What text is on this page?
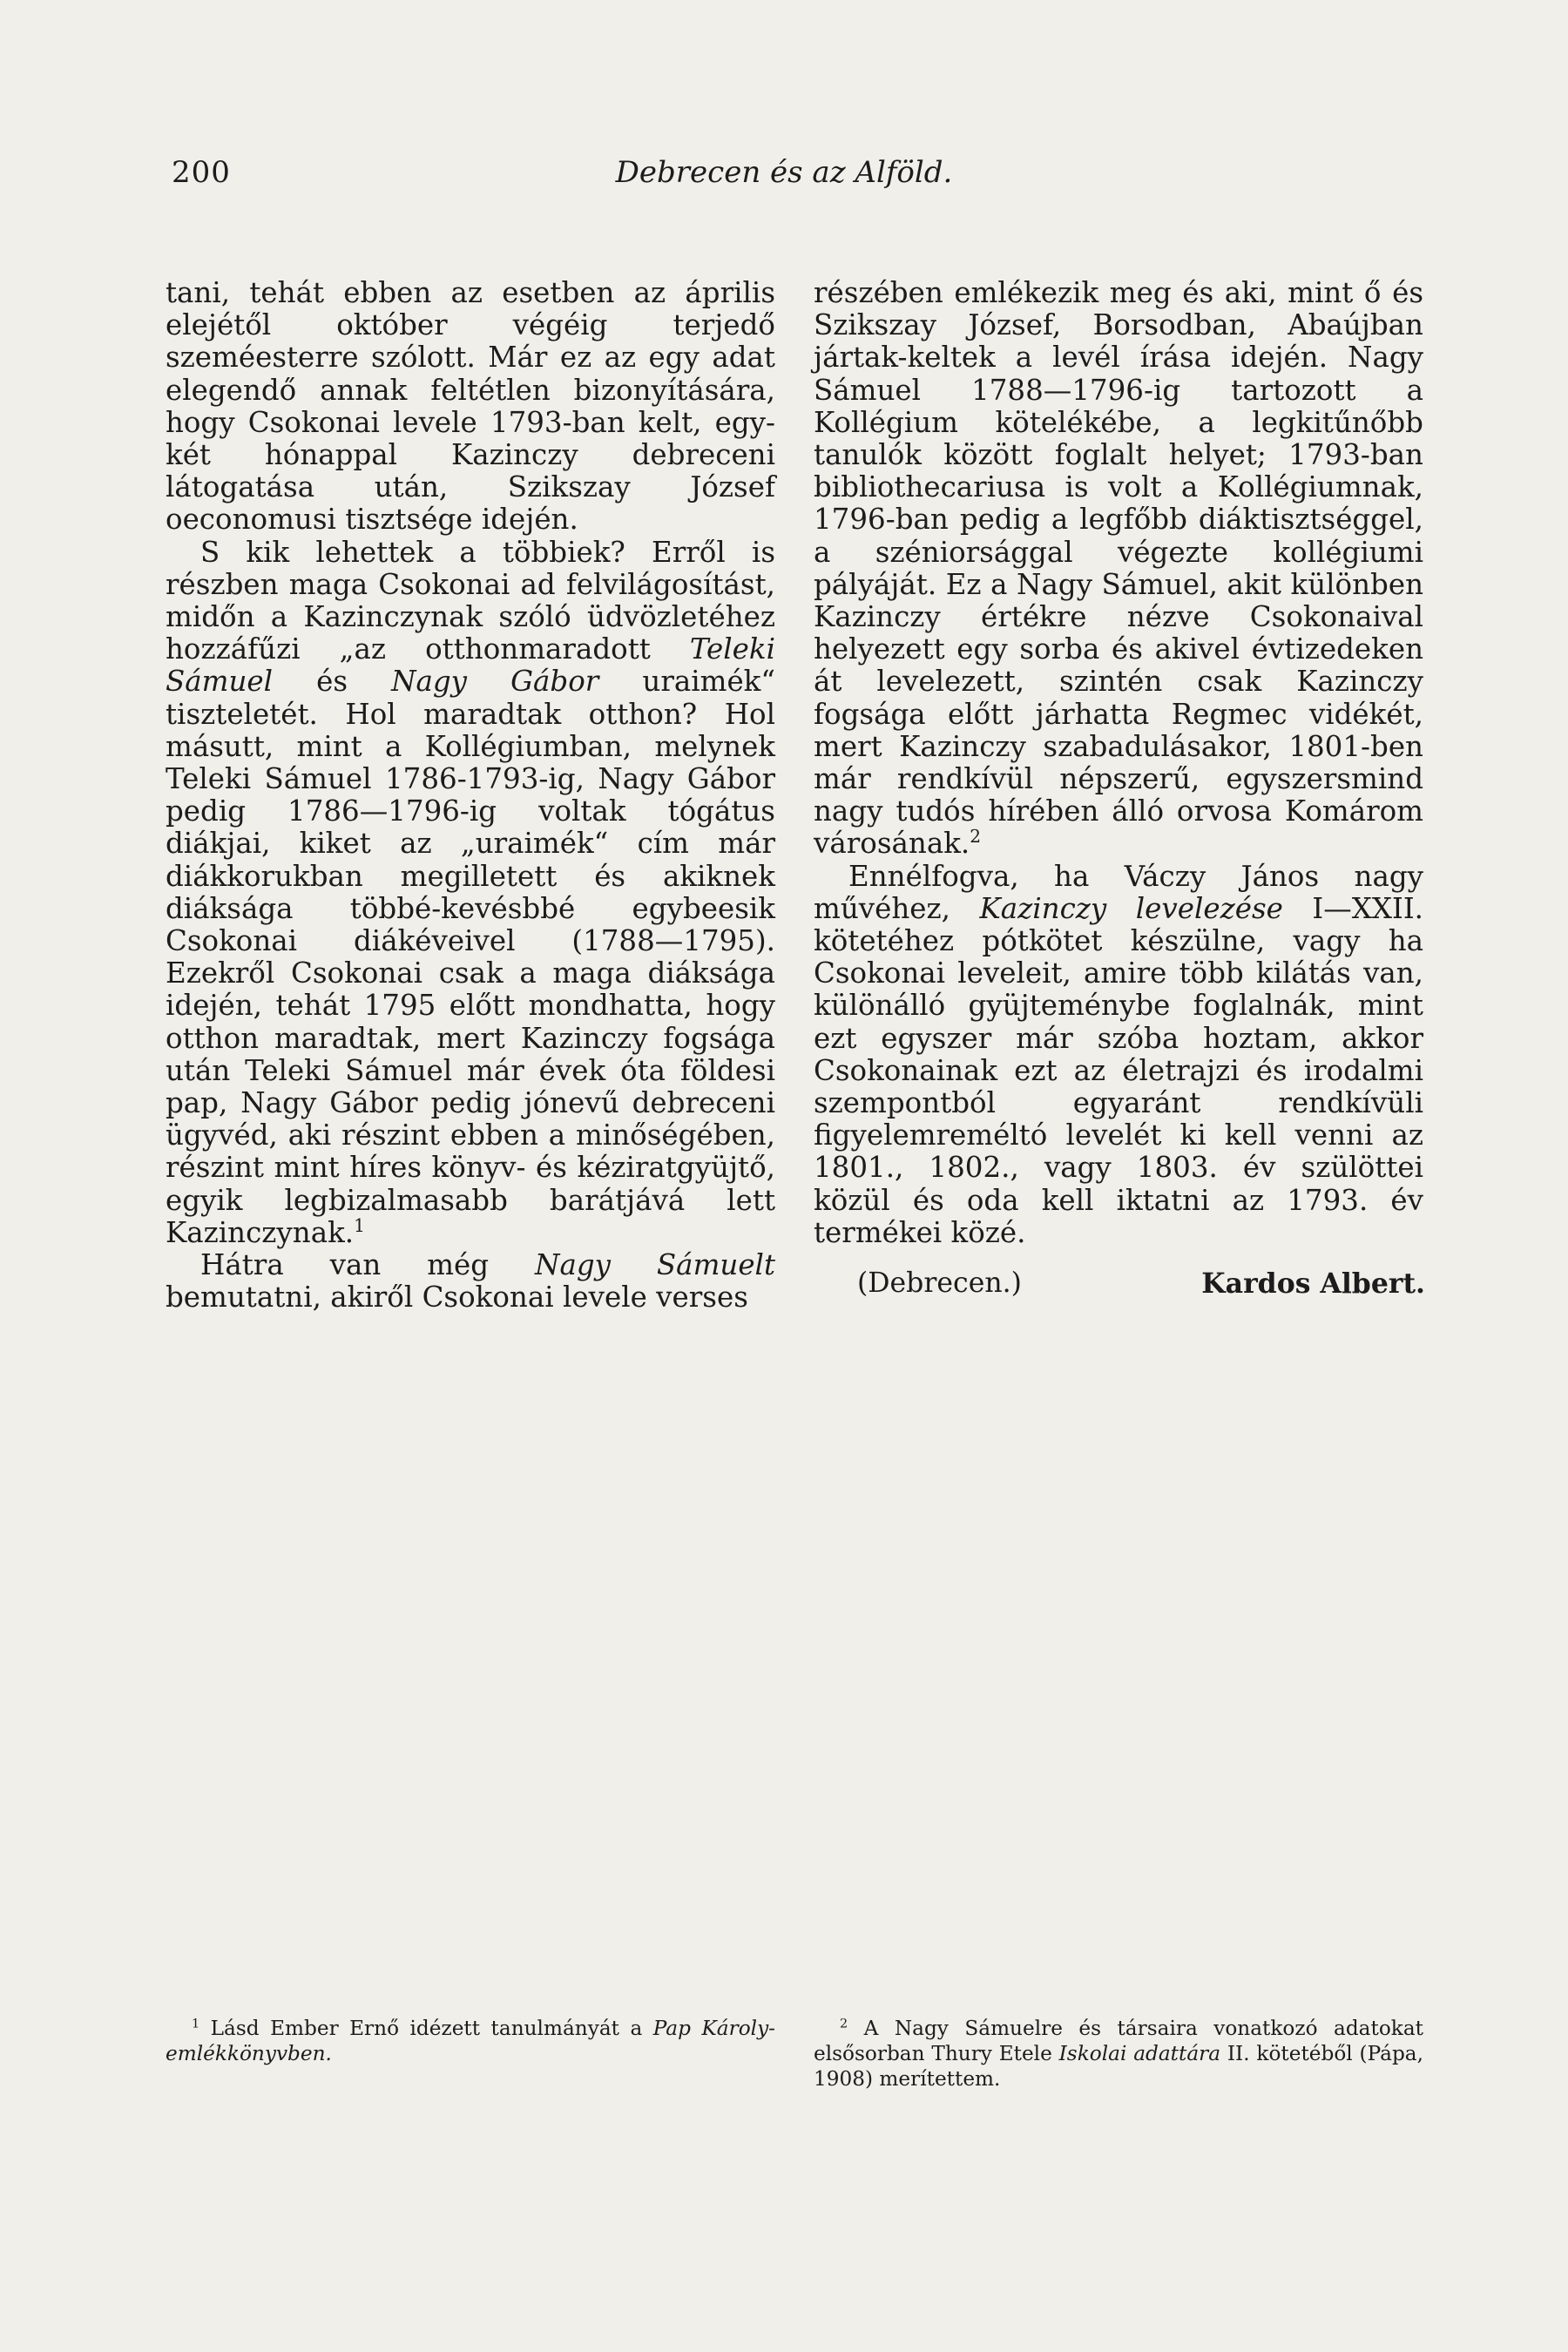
200	Debrecen és az Alföld.

tani, tehát ebben az esetben az április elejétől október végéig terjedő szeméesterre szólott. Már ez az egy adat elegendő annak feltétlen bizonyítására, hogy Csokonai levele 1793-ban kelt, egy-két hónappal Kazinczy debreceni látogatása után, Szikszay József oeconomusi tisztsége idején.

S kik lehettek a többiek? Erről is részben maga Csokonai ad felvilágosítást, midőn a Kazinczynak szóló üdvözletéhez hozzáfűzi „az otthonmaradott Teleki Sámuel és Nagy Gábor uraimék“ tiszteletét. Hol maradtak otthon? Hol másutt, mint a Kollégiumban, melynek Teleki Sámuel 1786-1793-ig, Nagy Gábor pedig 1786—1796-ig voltak tógátus diákjai, kiket az „uraimék“ cím már diákkorukban megilletett és akiknek diáksága többé-kevésbbé egybeesik Csokonai diákéveivel (1788—1795). Ezekről Csokonai csak a maga diáksága idején, tehát 1795 előtt mondhatta, hogy otthon maradtak, mert Kazinczy fogsága után Teleki Sámuel már évek óta földesi pap, Nagy Gábor pedig jónevű debreceni ügyvéd, aki részint ebben a minőségében, részint mint híres könyv- és kéziratgyüjtő, egyik legbizalmasabb barátjává lett Kazinczynak.$^1$

Hátra van még Nagy Sámuelt bemutatni, akiről Csokonai levele verses

részében emlékezik meg és aki, mint ő és Szikszay József, Borsodban, Abaújban jártak-keltek a levél írása idején. Nagy Sámuel 1788—1796-ig tartozott a Kollégium kötelékébe, a legkitűnőbb tanulók között foglalt helyet; 1793-ban bibliothecariusa is volt a Kollégiumnak, 1796-ban pedig a legfőbb diáktisztséggel, a széniorsággal végezte kollégiumi pályáját. Ez a Nagy Sámuel, akit különben Kazinczy értékre nézve Csokonaival helyezett egy sorba és akivel évtizedeken át levelezett, szintén csak Kazinczy fogsága előtt járhatta Regmec vidékét, mert Kazinczy szabadulásakor, 1801-ben már rendkívül népszerű, egyszersmind nagy tudós hírében álló orvosa Komárom városának.$^2$

Ennélfogva, ha Váczy János nagy művéhez, Kazinczy levelezése I—XXII. kötetéhez pótkötet készülne, vagy ha Csokonai leveleit, amire több kilátás van, különálló gyüjteménybe foglalnák, mint ezt egyszer már szóba hoztam, akkor Csokonainak ezt az életrajzi és irodalmi szempontból egyaránt rendkívüli figyelemreméltó levelét ki kell venni az 1801., 1802., vagy 1803. év szülöttei közül és oda kell iktatni az 1793. év termékei közé.

(Debrecen.)	Kardos Albert.

$^1$ Lásd Ember Ernő idézett tanulmányát a Pap Károly-emlékkönyvben.

$^2$ A Nagy Sámuelre és társaira vonatkozó adatokat elsősorban Thury Etele Iskolai adattára II. kötetéből (Pápa, 1908) merítettem.
